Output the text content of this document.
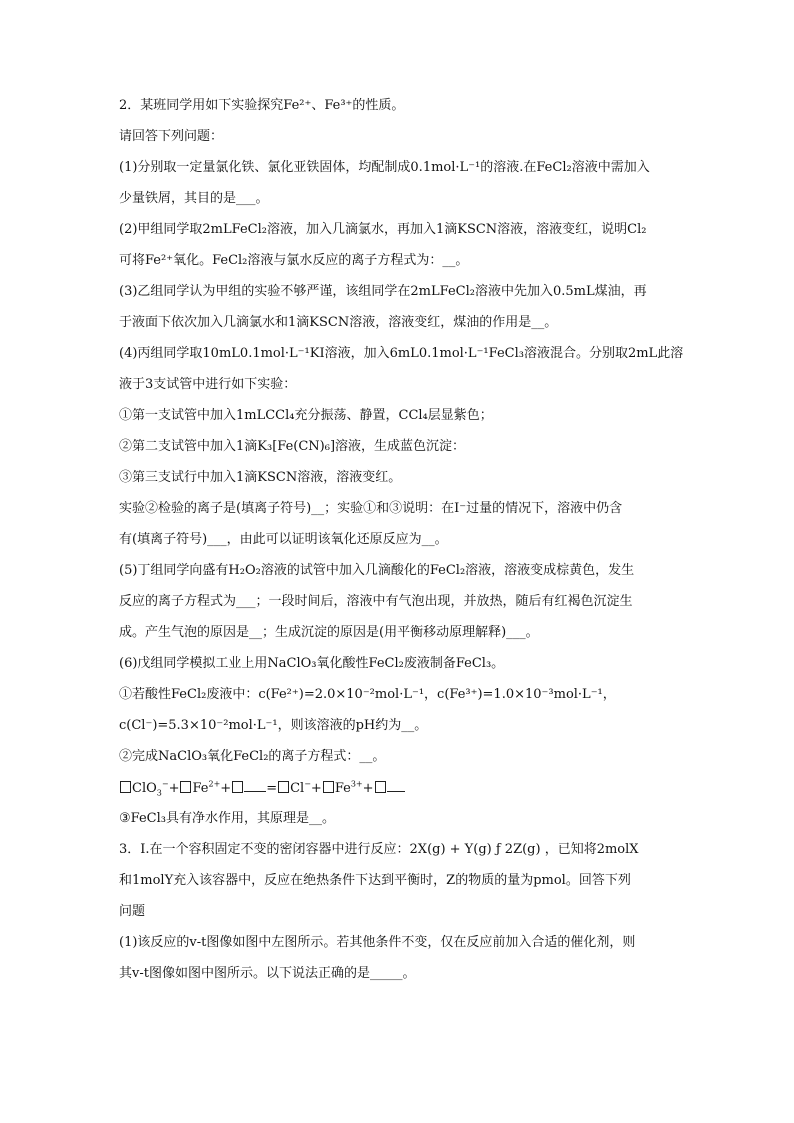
2．某班同学用如下实验探究Fe²⁺、Fe³⁺的性质。
请回答下列问题：
(1)分别取一定量氯化铁、氯化亚铁固体，均配制成0.1mol·L⁻¹的溶液.在FeCl₂溶液中需加入
少量铁屑，其目的是___。
(2)甲组同学取2mLFeCl₂溶液，加入几滴氯水，再加入1滴KSCN溶液，溶液变红，说明Cl₂
可将Fe²⁺氧化。FeCl₂溶液与氯水反应的离子方程式为：__。
(3)乙组同学认为甲组的实验不够严谨，该组同学在2mLFeCl₂溶液中先加入0.5mL煤油，再
于液面下依次加入几滴氯水和1滴KSCN溶液，溶液变红，煤油的作用是__。
(4)丙组同学取10mL0.1mol·L⁻¹KI溶液，加入6mL0.1mol·L⁻¹FeCl₃溶液混合。分别取2mL此溶
液于3支试管中进行如下实验：
①第一支试管中加入1mLCCl₄充分振荡、静置，CCl₄层显紫色；
②第二支试管中加入1滴K₃[Fe(CN)₆]溶液，生成蓝色沉淀：
③第三支试行中加入1滴KSCN溶液，溶液变红。
实验②检验的离子是(填离子符号)__；实验①和③说明：在I⁻过量的情况下，溶液中仍含
有(填离子符号)___，由此可以证明该氧化还原反应为__。
(5)丁组同学向盛有H₂O₂溶液的试管中加入几滴酸化的FeCl₂溶液，溶液变成棕黄色，发生
反应的离子方程式为___；一段时间后，溶液中有气泡出现，并放热，随后有红褐色沉淀生
成。产生气泡的原因是__；生成沉淀的原因是(用平衡移动原理解释)___。
(6)戊组同学模拟工业上用NaClO₃氧化酸性FeCl₂废液制备FeCl₃。
①若酸性FeCl₂废液中：c(Fe²⁺)=2.0×10⁻²mol·L⁻¹，c(Fe³⁺)=1.0×10⁻³mol·L⁻¹，
c(Cl⁻)=5.3×10⁻²mol·L⁻¹，则该溶液的pH约为__。
②完成NaClO₃氧化FeCl₂的离子方程式：__。
$ClO_3^-+ Fe^{2+}+$	= $Cl^-+ Fe^{3+}+$
③FeCl₃具有净水作用，其原理是__。
3．I.在一个容积固定不变的密闭容器中进行反应：2X(g) + Y(g) ƒ 2Z(g) ，已知将2molX
和1molY充入该容器中，反应在绝热条件下达到平衡时，Z的物质的量为pmol。回答下列
问题
(1)该反应的v-t图像如图中左图所示。若其他条件不变，仅在反应前加入合适的催化剂，则
其v-t图像如图中图所示。以下说法正确的是_____。
